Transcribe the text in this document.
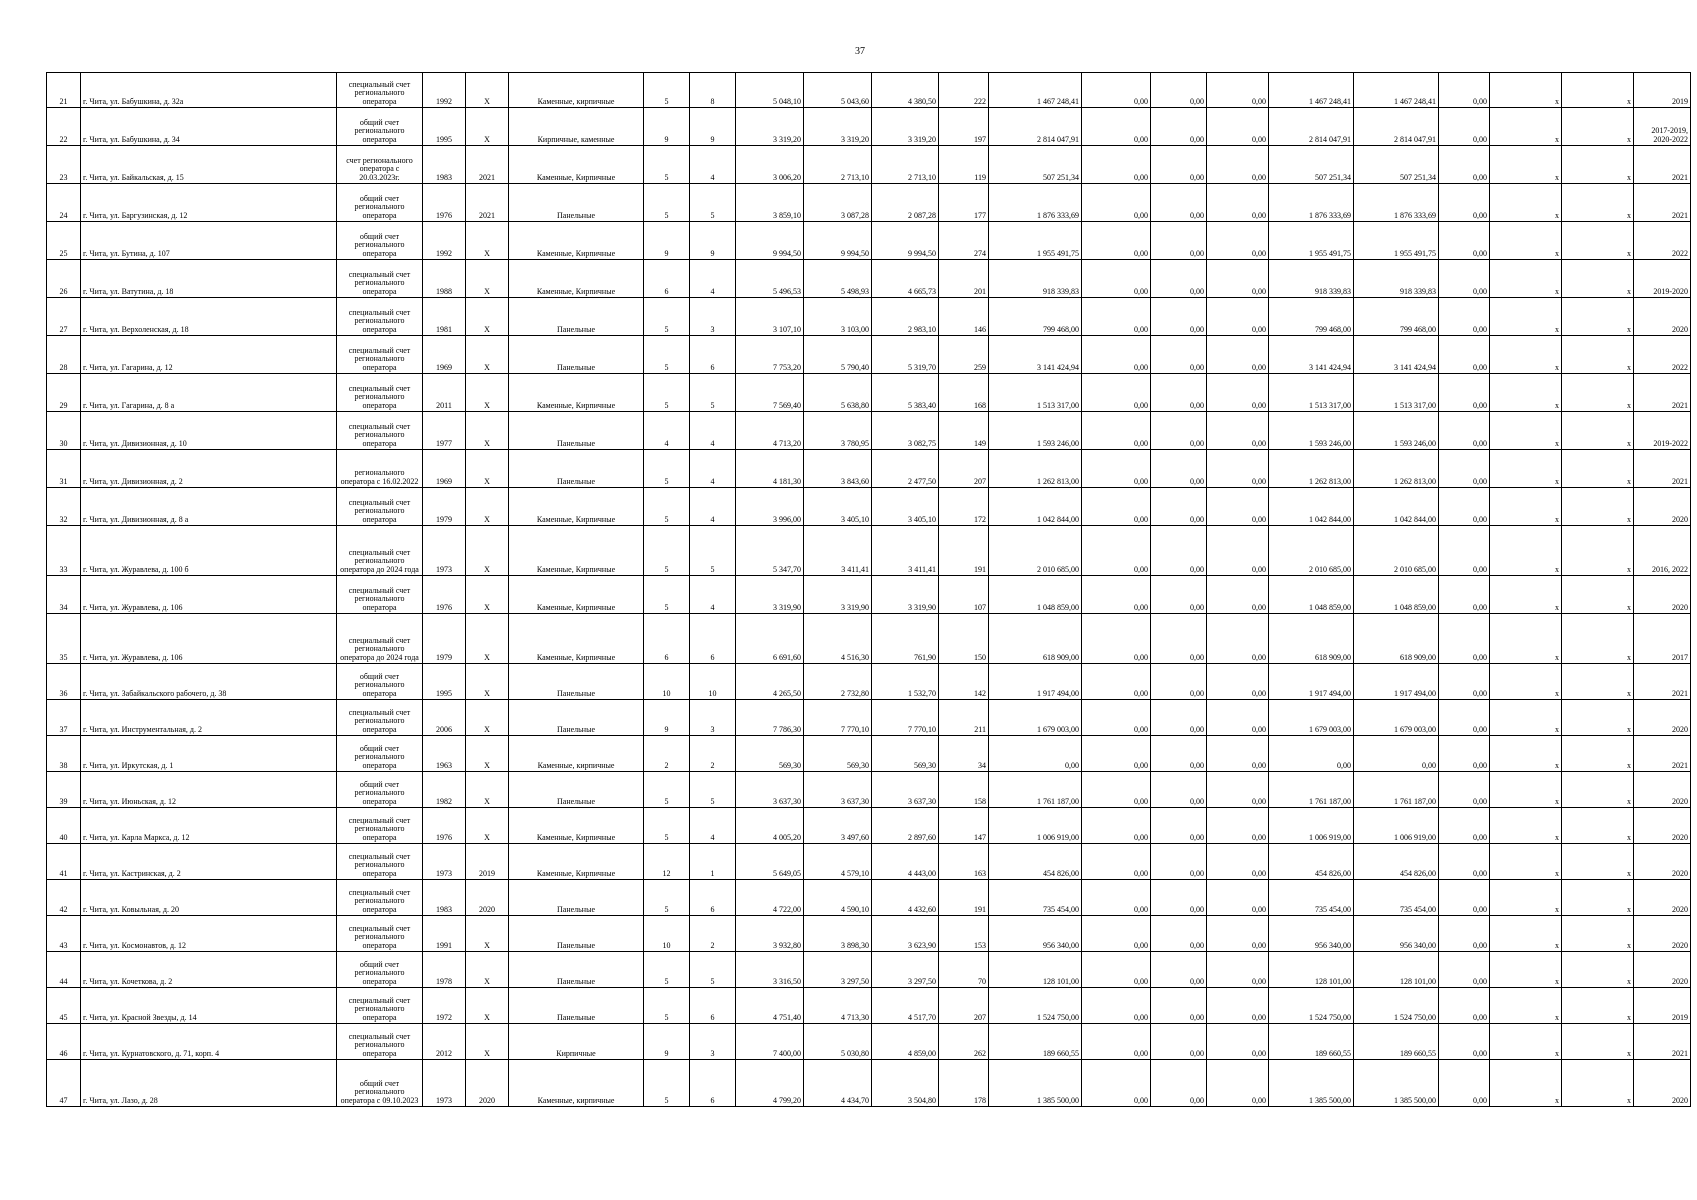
37
21	г. Чита, ул. Бабушкина, д. 32а	специальный счет регионального оператора	1992	X	Каменные, кирпичные	5	8	5 048,10	5 043,60	4 380,50	222	1 467 248,41	0,00	0,00	0,00	1 467 248,41	1 467 248,41	0,00	x	x	2019
22	г. Чита, ул. Бабушкина, д. 34	общий счет регионального оператора	1995	X	Кирпичные, каменные	9	9	3 319,20	3 319,20	3 319,20	197	2 814 047,91	0,00	0,00	0,00	2 814 047,91	2 814 047,91	0,00	x	x	2017-2019, 2020-2022
23	г. Чита, ул. Байкальская, д. 15	счет регионального оператора с 20.03.2023г.	1983	2021	Каменные, Кирпичные	5	4	3 006,20	2 713,10	2 713,10	119	507 251,34	0,00	0,00	0,00	507 251,34	507 251,34	0,00	x	x	2021
24	г. Чита, ул. Баргузинская, д. 12	общий счет регионального оператора	1976	2021	Панельные	5	5	3 859,10	3 087,28	2 087,28	177	1 876 333,69	0,00	0,00	0,00	1 876 333,69	1 876 333,69	0,00	x	x	2021
25	г. Чита, ул. Бутина, д. 107	общий счет регионального оператора	1992	X	Каменные, Кирпичные	9	9	9 994,50	9 994,50	9 994,50	274	1 955 491,75	0,00	0,00	0,00	1 955 491,75	1 955 491,75	0,00	x	x	2022
26	г. Чита, ул. Ватутина, д. 18	специальный счет регионального оператора	1988	X	Каменные, Кирпичные	6	4	5 496,53	5 498,93	4 665,73	201	918 339,83	0,00	0,00	0,00	918 339,83	918 339,83	0,00	x	x	2019-2020
27	г. Чита, ул. Верхоленская, д. 18	специальный счет регионального оператора	1981	X	Панельные	5	3	3 107,10	3 103,00	2 983,10	146	799 468,00	0,00	0,00	0,00	799 468,00	799 468,00	0,00	x	x	2020
28	г. Чита, ул. Гагарина, д. 12	специальный счет регионального оператора	1969	X	Панельные	5	6	7 753,20	5 790,40	5 319,70	259	3 141 424,94	0,00	0,00	0,00	3 141 424,94	3 141 424,94	0,00	x	x	2022
29	г. Чита, ул. Гагарина, д. 8 а	специальный счет регионального оператора	2011	X	Каменные, Кирпичные	5	5	7 569,40	5 638,80	5 383,40	168	1 513 317,00	0,00	0,00	0,00	1 513 317,00	1 513 317,00	0,00	x	x	2021
30	г. Чита, ул. Дивизионная, д. 10	специальный счет регионального оператора	1977	X	Панельные	4	4	4 713,20	3 780,95	3 082,75	149	1 593 246,00	0,00	0,00	0,00	1 593 246,00	1 593 246,00	0,00	x	x	2019-2022
31	г. Чита, ул. Дивизионная, д. 2	регионального оператора с 16.02.2022	1969	X	Панельные	5	4	4 181,30	3 843,60	2 477,50	207	1 262 813,00	0,00	0,00	0,00	1 262 813,00	1 262 813,00	0,00	x	x	2021
32	г. Чита, ул. Дивизионная, д. 8 а	специальный счет регионального оператора	1979	X	Каменные, Кирпичные	5	4	3 996,00	3 405,10	3 405,10	172	1 042 844,00	0,00	0,00	0,00	1 042 844,00	1 042 844,00	0,00	x	x	2020
33	г. Чита, ул. Журавлева, д. 100 б	специальный счет регионального оператора до 2024 года	1973	X	Каменные, Кирпичные	5	5	5 347,70	3 411,41	3 411,41	191	2 010 685,00	0,00	0,00	0,00	2 010 685,00	2 010 685,00	0,00	x	x	2016, 2022
34	г. Чита, ул. Журавлева, д. 106	специальный счет регионального оператора	1976	X	Каменные, Кирпичные	5	4	3 319,90	3 319,90	3 319,90	107	1 048 859,00	0,00	0,00	0,00	1 048 859,00	1 048 859,00	0,00	x	x	2020
35	г. Чита, ул. Журавлева, д. 106	специальный счет регионального оператора до 2024 года	1979	X	Каменные, Кирпичные	6	6	6 691,60	4 516,30	761,90	150	618 909,00	0,00	0,00	0,00	618 909,00	618 909,00	0,00	x	x	2017
36	г. Чита, ул. Забайкальского рабочего, д. 38	общий счет регионального оператора	1995	X	Панельные	10	10	4 265,50	2 732,80	1 532,70	142	1 917 494,00	0,00	0,00	0,00	1 917 494,00	1 917 494,00	0,00	x	x	2021
37	г. Чита, ул. Инструментальная, д. 2	специальный счет регионального оператора	2006	X	Панельные	9	3	7 786,30	7 770,10	7 770,10	211	1 679 003,00	0,00	0,00	0,00	1 679 003,00	1 679 003,00	0,00	x	x	2020
38	г. Чита, ул. Иркутская, д. 1	общий счет регионального оператора	1963	X	Каменные, кирпичные	2	2	569,30	569,30	569,30	34	0,00	0,00	0,00	0,00	0,00	0,00	0,00	x	x	2021
39	г. Чита, ул. Июньская, д. 12	общий счет регионального оператора	1982	X	Панельные	5	5	3 637,30	3 637,30	3 637,30	158	1 761 187,00	0,00	0,00	0,00	1 761 187,00	1 761 187,00	0,00	x	x	2020
40	г. Чита, ул. Карла Маркса, д. 12	специальный счет регионального оператора	1976	X	Каменные, Кирпичные	5	4	4 005,20	3 497,60	2 897,60	147	1 006 919,00	0,00	0,00	0,00	1 006 919,00	1 006 919,00	0,00	x	x	2020
41	г. Чита, ул. Кастринская, д. 2	специальный счет регионального оператора	1973	2019	Каменные, Кирпичные	12	1	5 649,05	4 579,10	4 443,00	163	454 826,00	0,00	0,00	0,00	454 826,00	454 826,00	0,00	x	x	2020
42	г. Чита, ул. Ковыльная, д. 20	специальный счет регионального оператора	1983	2020	Панельные	5	6	4 722,00	4 590,10	4 432,60	191	735 454,00	0,00	0,00	0,00	735 454,00	735 454,00	0,00	x	x	2020
43	г. Чита, ул. Космонавтов, д. 12	специальный счет регионального оператора	1991	X	Панельные	10	2	3 932,80	3 898,30	3 623,90	153	956 340,00	0,00	0,00	0,00	956 340,00	956 340,00	0,00	x	x	2020
44	г. Чита, ул. Кочеткова, д. 2	общий счет регионального оператора	1978	X	Панельные	5	5	3 316,50	3 297,50	3 297,50	70	128 101,00	0,00	0,00	0,00	128 101,00	128 101,00	0,00	x	x	2020
45	г. Чита, ул. Красной Звезды, д. 14	специальный счет регионального оператора	1972	X	Панельные	5	6	4 751,40	4 713,30	4 517,70	207	1 524 750,00	0,00	0,00	0,00	1 524 750,00	1 524 750,00	0,00	x	x	2019
46	г. Чита, ул. Курнатовского, д. 71, корп. 4	специальный счет регионального оператора	2012	X	Кирпичные	9	3	7 400,00	5 030,80	4 859,00	262	189 660,55	0,00	0,00	0,00	189 660,55	189 660,55	0,00	x	x	2021
47	г. Чита, ул. Лазо, д. 28	общий счет регионального оператора с 09.10.2023	1973	2020	Каменные, кирпичные	5	6	4 799,20	4 434,70	3 504,80	178	1 385 500,00	0,00	0,00	0,00	1 385 500,00	1 385 500,00	0,00	x	x	2020
